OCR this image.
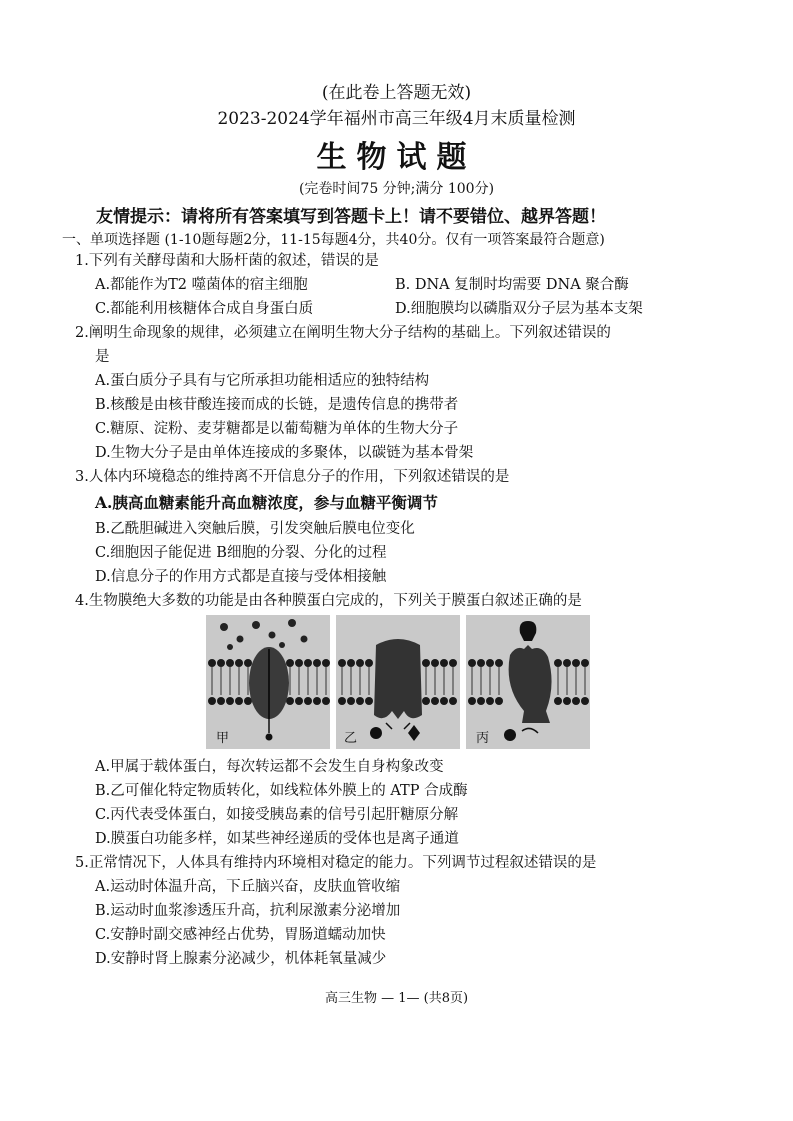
(在此卷上答题无效)
2023-2024学年福州市高三年级4月末质量检测
生物试题
(完卷时间75 分钟;满分 100分)
友情提示：请将所有答案填写到答题卡上！请不要错位、越界答题！
一、单项选择题 (1-10题每题2分，11-15每题4分，共40分。仅有一项答案最符合题意)
1.下列有关酵母菌和大肠杆菌的叙述，错误的是
A.都能作为T2 噬菌体的宿主细胞	B. DNA 复制时均需要 DNA 聚合酶
C.都能利用核糖体合成自身蛋白质	D.细胞膜均以磷脂双分子层为基本支架
2.阐明生命现象的规律，必须建立在阐明生物大分子结构的基础上。下列叙述错误的
是
A.蛋白质分子具有与它所承担功能相适应的独特结构
B.核酸是由核苷酸连接而成的长链，是遗传信息的携带者
C.糖原、淀粉、麦芽糖都是以葡萄糖为单体的生物大分子
D.生物大分子是由单体连接成的多聚体，以碳链为基本骨架
3.人体内环境稳态的维持离不开信息分子的作用，下列叙述错误的是
A.胰高血糖素能升高血糖浓度，参与血糖平衡调节
B.乙酰胆碱进入突触后膜，引发突触后膜电位变化
C.细胞因子能促进 B细胞的分裂、分化的过程
D.信息分子的作用方式都是直接与受体相接触
4.生物膜绝大多数的功能是由各种膜蛋白完成的，下列关于膜蛋白叙述正确的是
甲	乙	丙
A.甲属于载体蛋白，每次转运都不会发生自身构象改变
B.乙可催化特定物质转化，如线粒体外膜上的 ATP 合成酶
C.丙代表受体蛋白，如接受胰岛素的信号引起肝糖原分解
D.膜蛋白功能多样，如某些神经递质的受体也是离子通道
5.正常情况下，人体具有维持内环境相对稳定的能力。下列调节过程叙述错误的是
A.运动时体温升高，下丘脑兴奋，皮肤血管收缩
B.运动时血浆渗透压升高，抗利尿激素分泌增加
C.安静时副交感神经占优势，胃肠道蠕动加快
D.安静时肾上腺素分泌减少，机体耗氧量减少
高三生物 — 1— (共8页)
